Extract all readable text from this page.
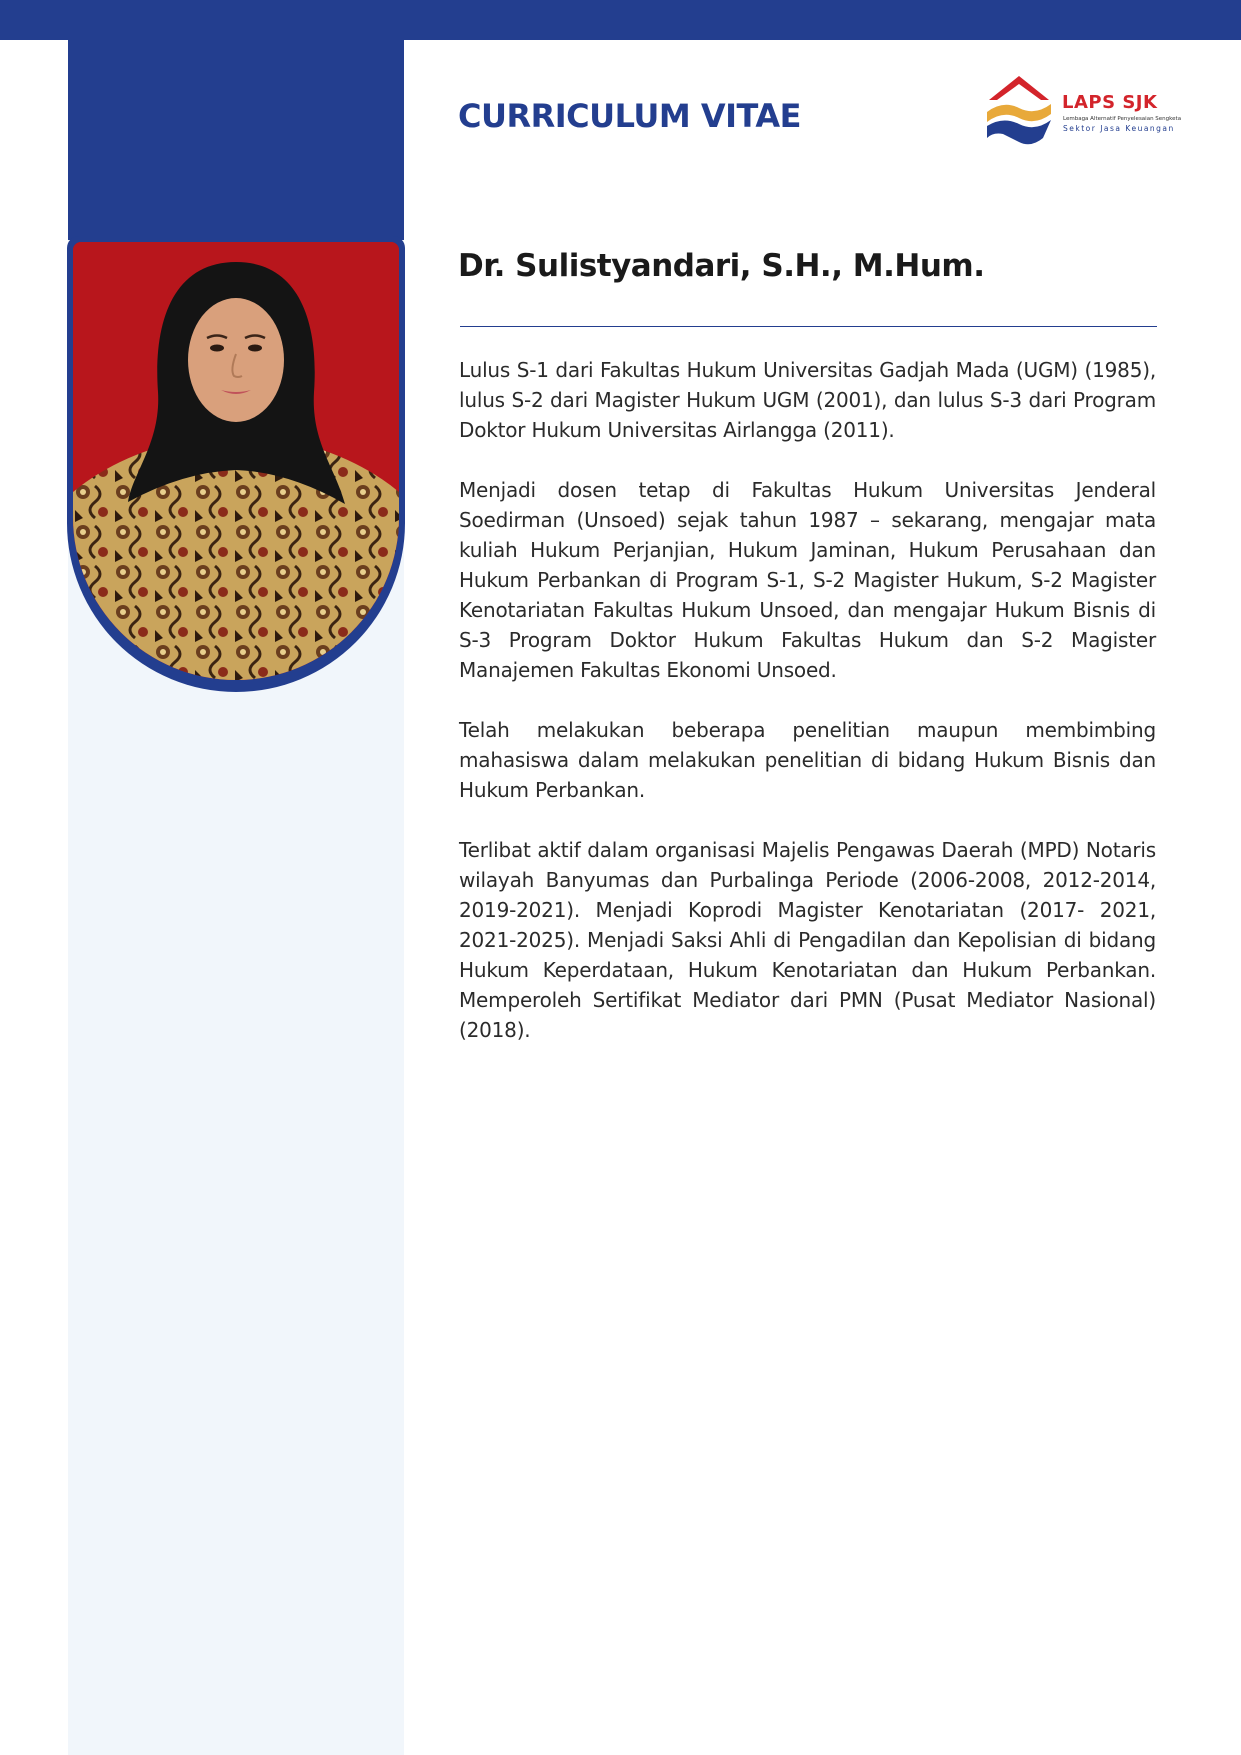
CURRICULUM VITAE	LAPS SJK
Lembaga Alternatif Penyelesaian Sengketa
Sektor Jasa Keuangan
Dr. Sulistyandari, S.H., M.Hum.

Lulus S-1 dari Fakultas Hukum Universitas Gadjah Mada (UGM) (1985), lulus S-2 dari Magister Hukum UGM (2001), dan lulus S-3 dari Program Doktor Hukum Universitas Airlangga (2011).

Menjadi dosen tetap di Fakultas Hukum Universitas Jenderal Soedirman (Unsoed) sejak tahun 1987 – sekarang, mengajar mata kuliah Hukum Perjanjian, Hukum Jaminan, Hukum Perusahaan dan Hukum Perbankan di Program S-1, S-2 Magister Hukum, S-2 Magister Kenotariatan Fakultas Hukum Unsoed, dan mengajar Hukum Bisnis di S-3 Program Doktor Hukum Fakultas Hukum dan S-2 Magister Manajemen Fakultas Ekonomi Unsoed.

Telah melakukan beberapa penelitian maupun membimbing mahasiswa dalam melakukan penelitian di bidang Hukum Bisnis dan Hukum Perbankan.

Terlibat aktif dalam organisasi Majelis Pengawas Daerah (MPD) Notaris wilayah Banyumas dan Purbalinga Periode (2006-2008, 2012-2014, 2019-2021). Menjadi Koprodi Magister Kenotariatan (2017- 2021, 2021-2025). Menjadi Saksi Ahli di Pengadilan dan Kepolisian di bidang Hukum Keperdataan, Hukum Kenotariatan dan Hukum Perbankan. Memperoleh Sertifikat Mediator dari PMN (Pusat Mediator Nasional) (2018).
